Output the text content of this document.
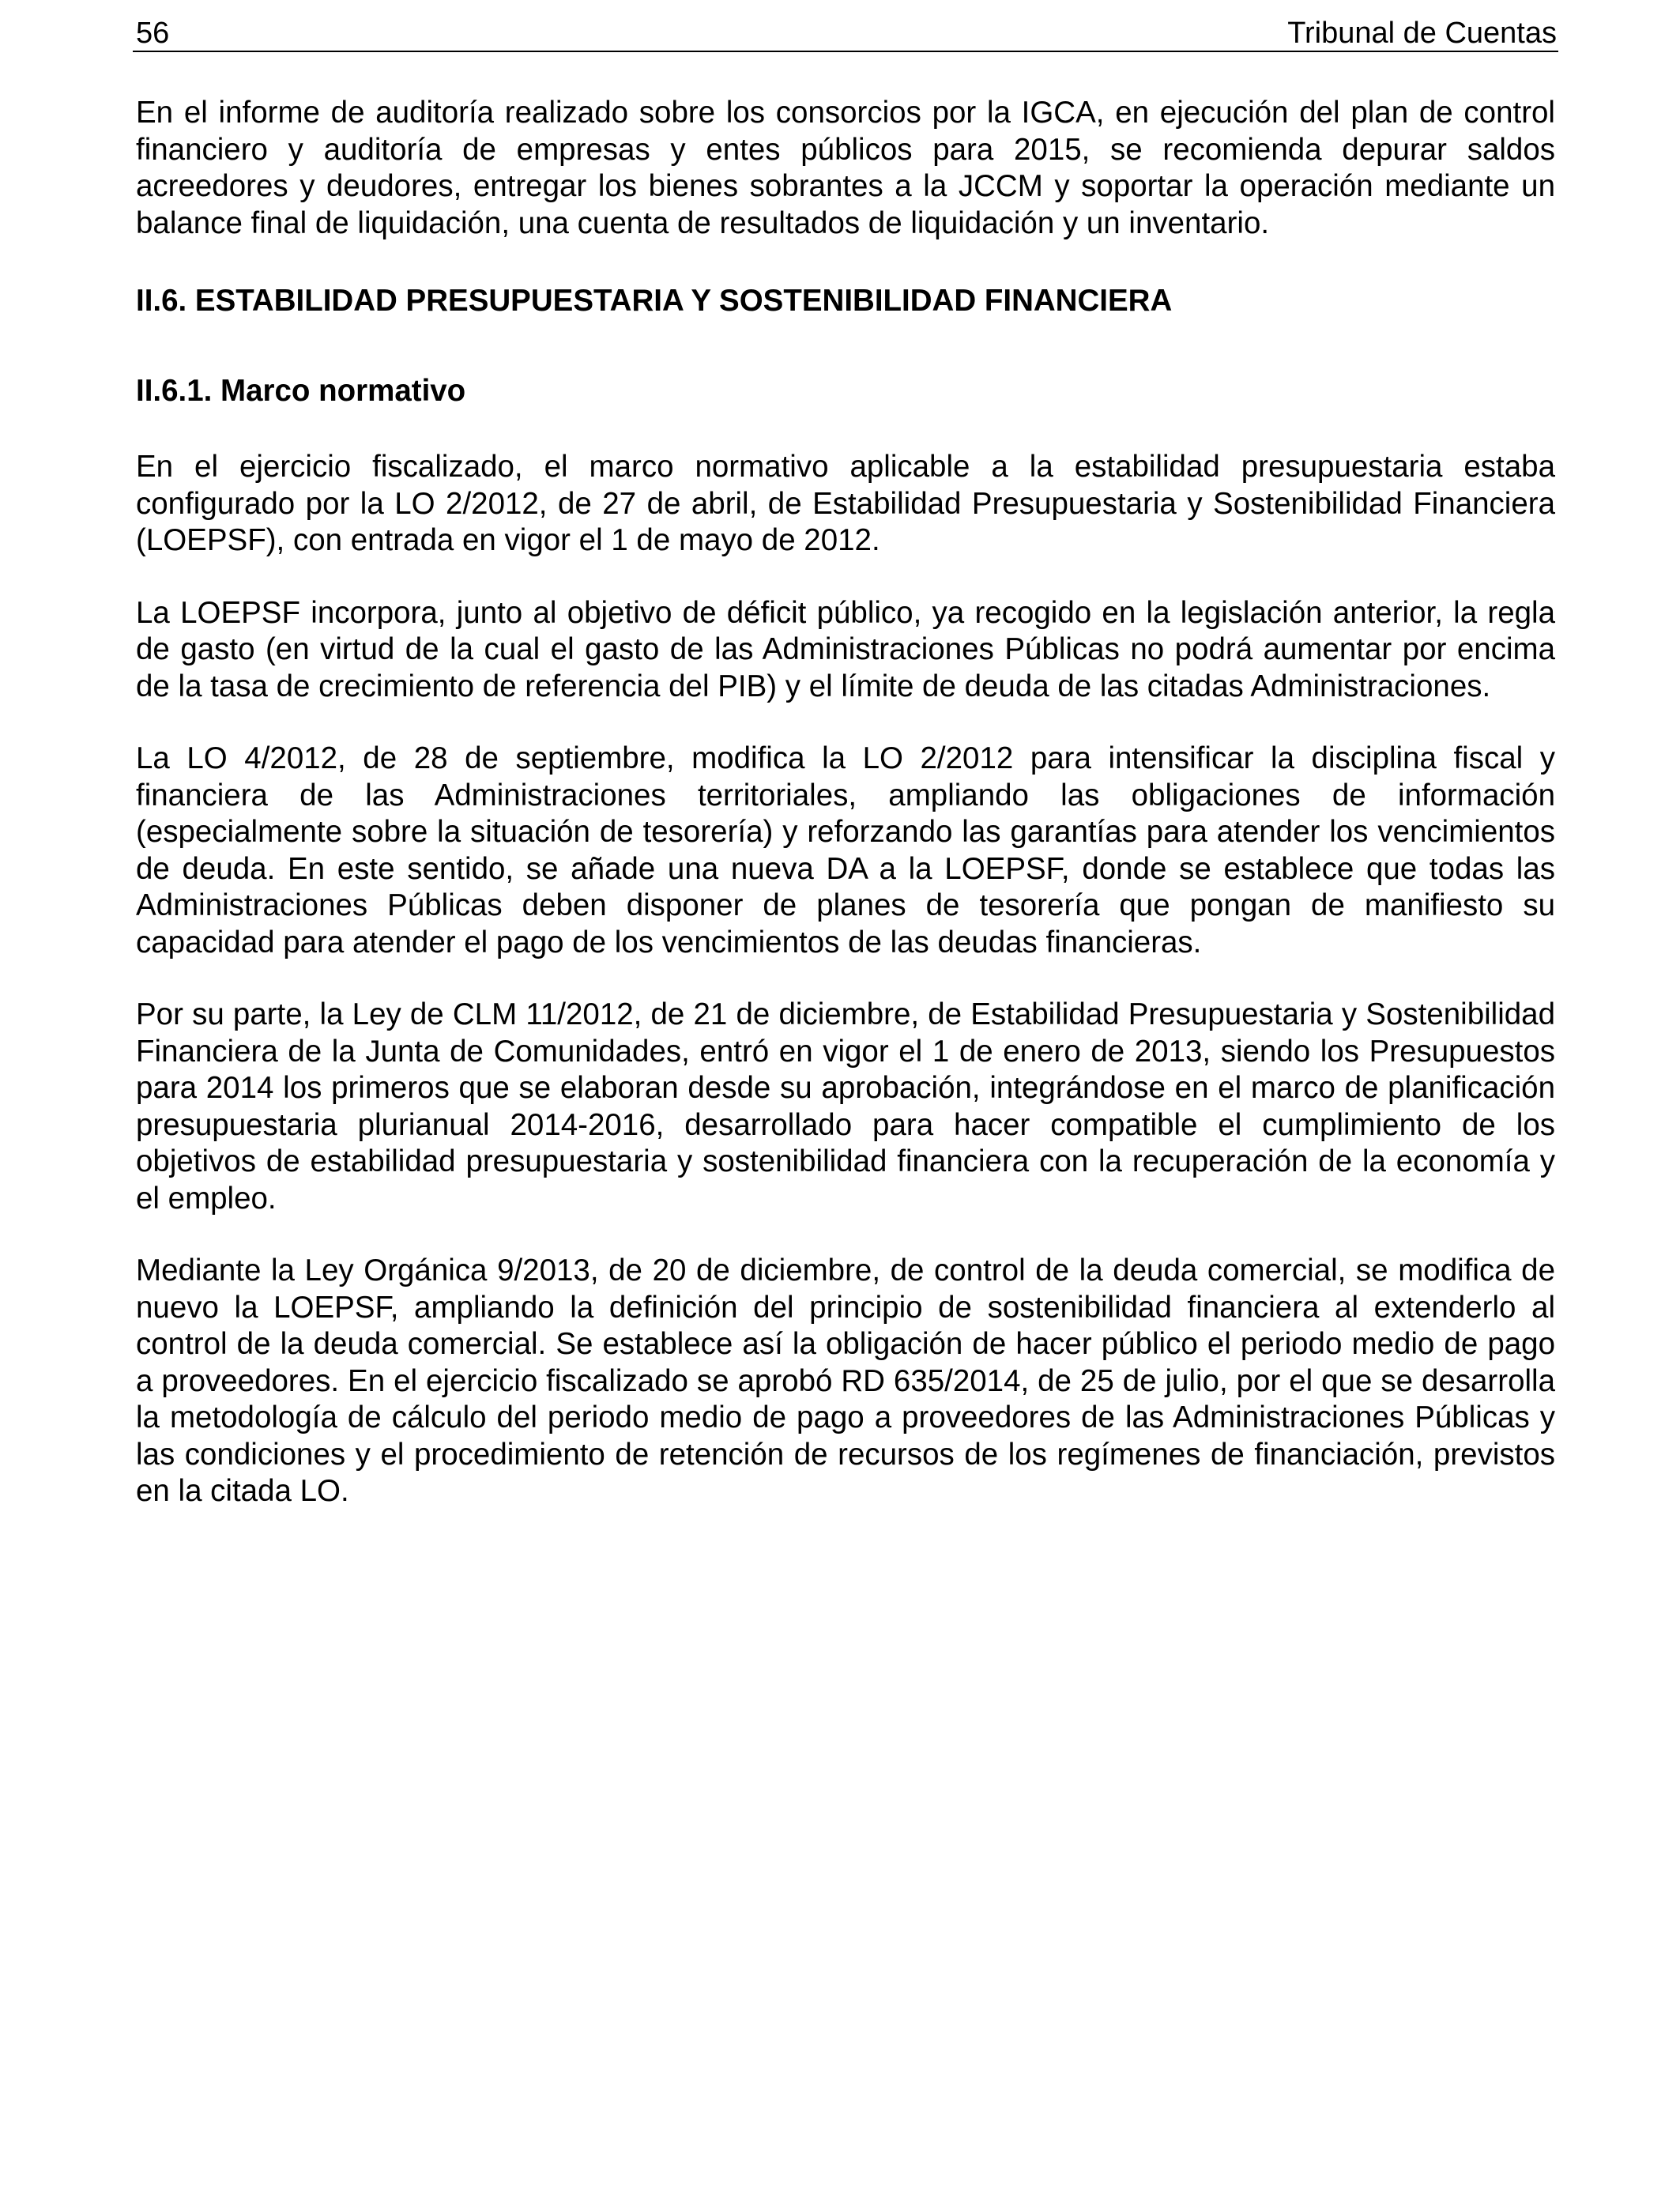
56	Tribunal de Cuentas

En el informe de auditoría realizado sobre los consorcios por la IGCA, en ejecución del plan de control financiero y auditoría de empresas y entes públicos para 2015, se recomienda depurar saldos acreedores y deudores, entregar los bienes sobrantes a la JCCM y soportar la operación mediante un balance final de liquidación, una cuenta de resultados de liquidación y un inventario.

II.6. ESTABILIDAD PRESUPUESTARIA Y SOSTENIBILIDAD FINANCIERA
II.6.1. Marco normativo

En el ejercicio fiscalizado, el marco normativo aplicable a la estabilidad presupuestaria estaba configurado por la LO 2/2012, de 27 de abril, de Estabilidad Presupuestaria y Sostenibilidad Financiera (LOEPSF), con entrada en vigor el 1 de mayo de 2012.

La LOEPSF incorpora, junto al objetivo de déficit público, ya recogido en la legislación anterior, la regla de gasto (en virtud de la cual el gasto de las Administraciones Públicas no podrá aumentar por encima de la tasa de crecimiento de referencia del PIB) y el límite de deuda de las citadas Administraciones.

La LO 4/2012, de 28 de septiembre, modifica la LO 2/2012 para intensificar la disciplina fiscal y financiera de las Administraciones territoriales, ampliando las obligaciones de información (especialmente sobre la situación de tesorería) y reforzando las garantías para atender los vencimientos de deuda. En este sentido, se añade una nueva DA a la LOEPSF, donde se establece que todas las Administraciones Públicas deben disponer de planes de tesorería que pongan de manifiesto su capacidad para atender el pago de los vencimientos de las deudas financieras.

Por su parte, la Ley de CLM 11/2012, de 21 de diciembre, de Estabilidad Presupuestaria y Sostenibilidad Financiera de la Junta de Comunidades, entró en vigor el 1 de enero de 2013, siendo los Presupuestos para 2014 los primeros que se elaboran desde su aprobación, integrándose en el marco de planificación presupuestaria plurianual 2014-2016, desarrollado para hacer compatible el cumplimiento de los objetivos de estabilidad presupuestaria y sostenibilidad financiera con la recuperación de la economía y el empleo.

Mediante la Ley Orgánica 9/2013, de 20 de diciembre, de control de la deuda comercial, se modifica de nuevo la LOEPSF, ampliando la definición del principio de sostenibilidad financiera al extenderlo al control de la deuda comercial. Se establece así la obligación de hacer público el periodo medio de pago a proveedores. En el ejercicio fiscalizado se aprobó RD 635/2014, de 25 de julio, por el que se desarrolla la metodología de cálculo del periodo medio de pago a proveedores de las Administraciones Públicas y las condiciones y el procedimiento de retención de recursos de los regímenes de financiación, previstos en la citada LO.
